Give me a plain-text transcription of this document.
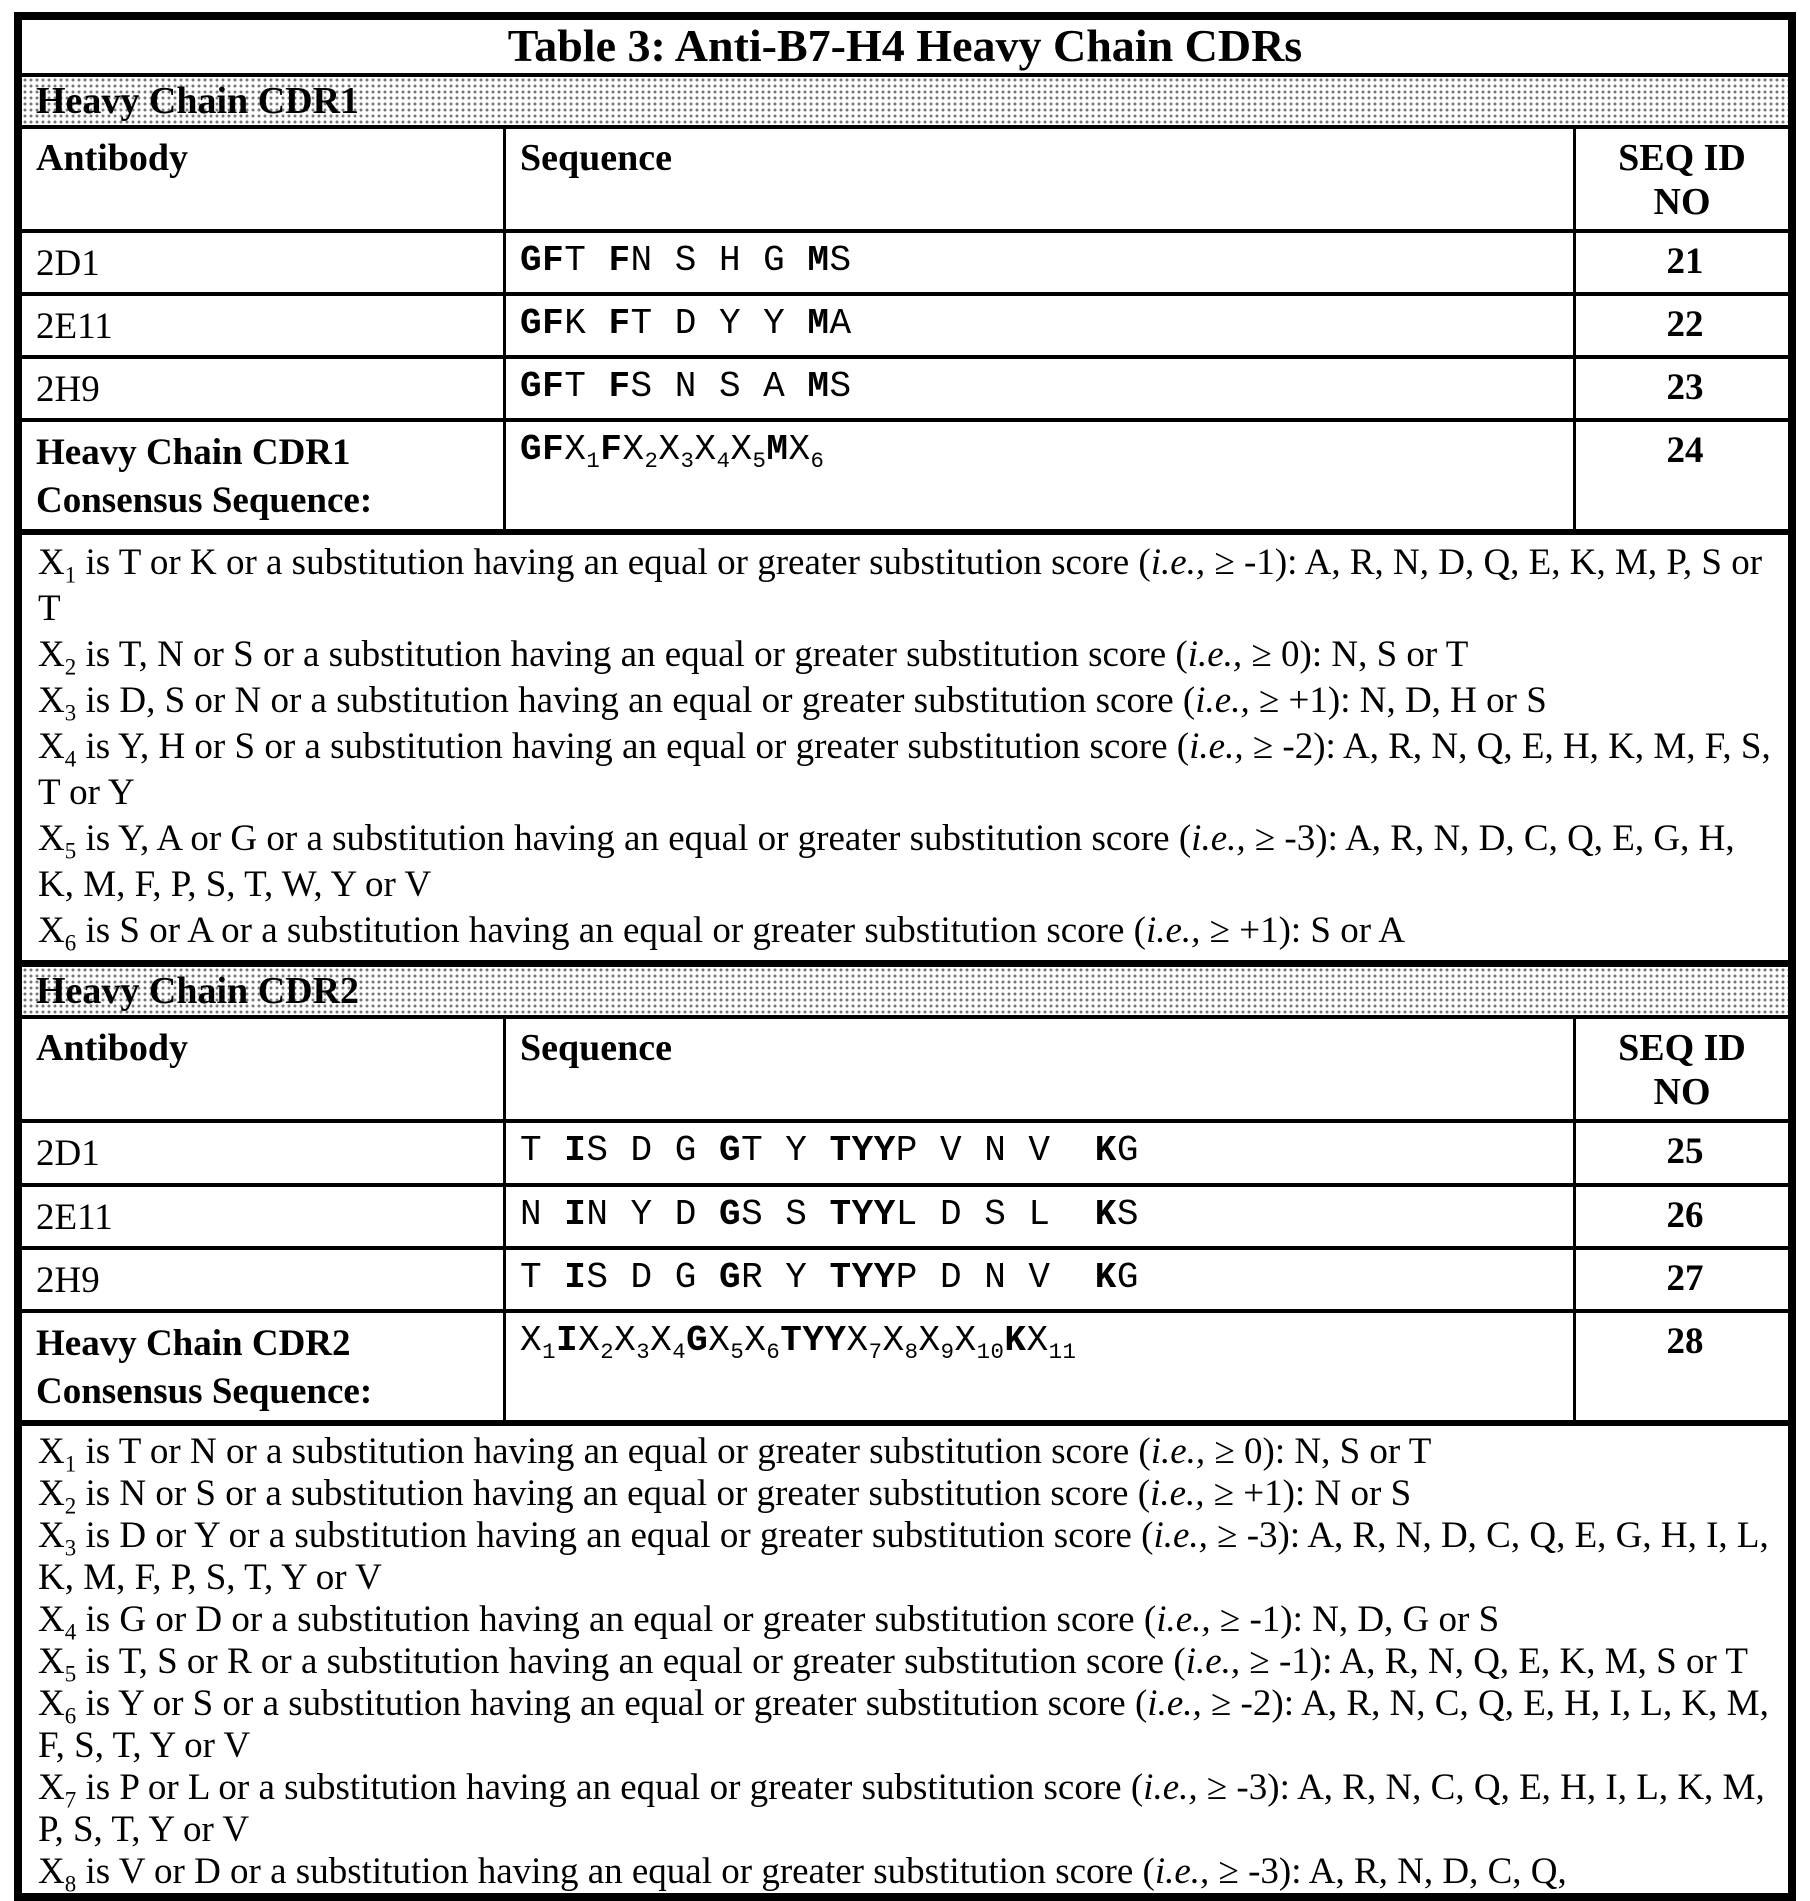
Table 3: Anti-B7-H4 Heavy Chain CDRs
Heavy Chain CDR1
Antibody	Sequence	SEQ ID
NO
2D1	GFT FN S H G MS	21
2E11	GFK FT D Y Y MA	22
2H9	GFT FS N S A MS	23
Heavy Chain CDR1
Consensus Sequence:
$GFX_1FX_2X_3X_4X_5MX_6$	24

$X_1$ is T or K or a substitution having an equal or greater substitution score (i.e., ≥ -1): A, R, N, D, Q, E, K, M, P, S or T

$X_2$ is T, N or S or a substitution having an equal or greater substitution score (i.e., ≥ 0): N, S or T

$X_3$ is D, S or N or a substitution having an equal or greater substitution score (i.e., ≥ +1): N, D, H or S

$X_4$ is Y, H or S or a substitution having an equal or greater substitution score (i.e., ≥ -2): A, R, N, Q, E, H, K, M, F, S, T or Y

$X_5$ is Y, A or G or a substitution having an equal or greater substitution score (i.e., ≥ -3): A, R, N, D, C, Q, E, G, H, K, M, F, P, S, T, W, Y or V

$X_6$ is S or A or a substitution having an equal or greater substitution score (i.e., ≥ +1): S or A

Heavy Chain CDR2
Antibody	Sequence	SEQ ID
NO
2D1	T IS D G GT Y TYYP V N V  KG	25
2E11	N IN Y D GS S TYYL D S L  KS	26
2H9	T IS D G GR Y TYYP D N V  KG	27
Heavy Chain CDR2
Consensus Sequence:
$X_1IX_2X_3X_4GX_5X_6TYYX_7X_8X_9X_{10}KX_{11}$	28

$X_1$ is T or N or a substitution having an equal or greater substitution score (i.e., ≥ 0): N, S or T

$X_2$ is N or S or a substitution having an equal or greater substitution score (i.e., ≥ +1): N or S

$X_3$ is D or Y or a substitution having an equal or greater substitution score (i.e., ≥ -3): A, R, N, D, C, Q, E, G, H, I, L, K, M, F, P, S, T, Y or V

$X_4$ is G or D or a substitution having an equal or greater substitution score (i.e., ≥ -1): N, D, G or S

$X_5$ is T, S or R or a substitution having an equal or greater substitution score (i.e., ≥ -1): A, R, N, Q, E, K, M, S or T

$X_6$ is Y or S or a substitution having an equal or greater substitution score (i.e., ≥ -2): A, R, N, C, Q, E, H, I, L, K, M, F, S, T, Y or V

$X_7$ is P or L or a substitution having an equal or greater substitution score (i.e., ≥ -3): A, R, N, C, Q, E, H, I, L, K, M, P, S, T, Y or V

$X_8$ is V or D or a substitution having an equal or greater substitution score (i.e., ≥ -3): A, R, N, D, C, Q,
